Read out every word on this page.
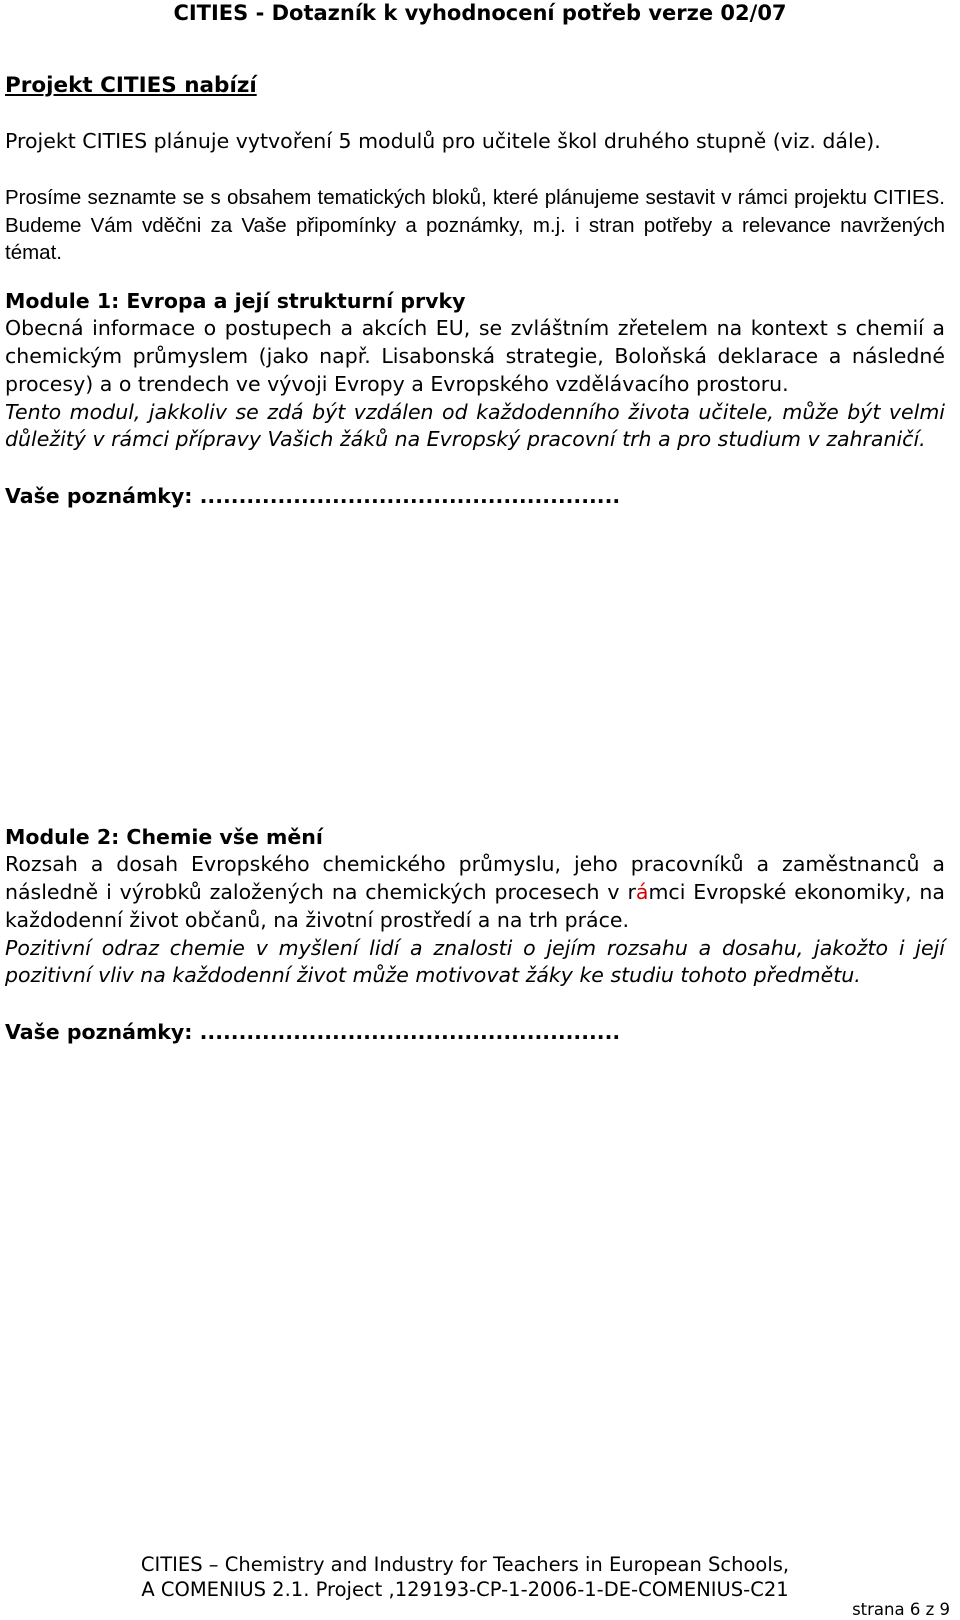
CITIES - Dotazník k vyhodnocení potřeb verze 02/07
Projekt CITIES nabízí

Projekt CITIES plánuje vytvoření 5 modulů pro učitele škol druhého stupně (viz. dále).

Prosíme seznamte se s obsahem tematických bloků, které plánujeme sestavit v rámci projektu CITIES. Budeme Vám vděčni za Vaše připomínky a poznámky, m.j. i stran potřeby a relevance navržených témat.

Module 1: Evropa a její strukturní prvky

Obecná informace o postupech a akcích EU, se zvláštním zřetelem na kontext s chemií a chemickým průmyslem (jako např. Lisabonská strategie, Boloňská deklarace a následné procesy) a o trendech ve vývoji Evropy a Evropského vzdělávacího prostoru.

Tento modul, jakkoliv se zdá být vzdálen od každodenního života učitele, může být velmi důležitý v rámci přípravy Vašich žáků na Evropský pracovní trh a pro studium v zahraničí.

Vaše poznámky: ......................................................
Module 2: Chemie vše mění

Rozsah a dosah Evropského chemického průmyslu, jeho pracovníků a zaměstnanců a následně i výrobků založených na chemických procesech v rámci Evropské ekonomiky, na každodenní život občanů, na životní prostředí a na trh práce.

Pozitivní odraz chemie v myšlení lidí a znalosti o jejím rozsahu a dosahu, jakožto i její pozitivní vliv na každodenní život může motivovat žáky ke studiu tohoto předmětu.

Vaše poznámky: ......................................................
CITIES – Chemistry and Industry for Teachers in European Schools,
A COMENIUS 2.1. Project ,129193-CP-1-2006-1-DE-COMENIUS-C21
strana 6 z 9
